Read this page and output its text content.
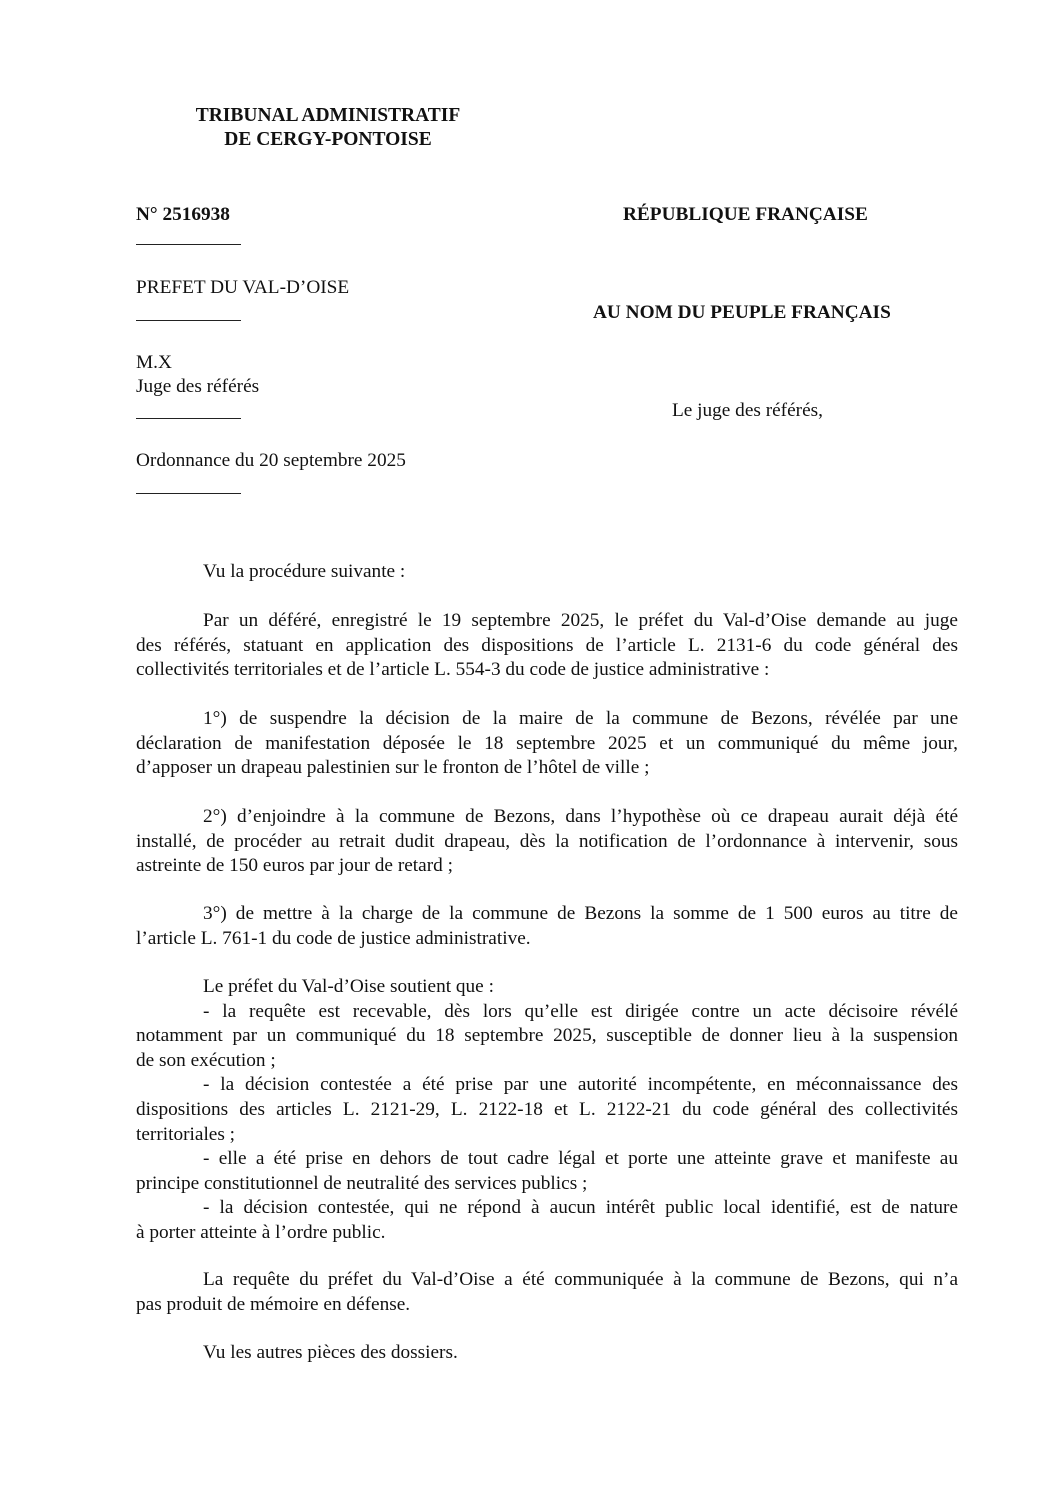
TRIBUNAL ADMINISTRATIF
DE CERGY-PONTOISE
N° 2516938	RÉPUBLIQUE FRANÇAISE
PREFET DU VAL-D’OISE
AU NOM DU PEUPLE FRANÇAIS
M.X
Juge des référés
Le juge des référés,
Ordonnance du 20 septembre 2025
Vu la procédure suivante :
Par un déféré, enregistré le 19 septembre 2025, le préfet du Val-d’Oise demande au juge
des référés, statuant en application des dispositions de l’article L. 2131-6 du code général des
collectivités territoriales et de l’article L. 554-3 du code de justice administrative :
1°) de suspendre la décision de la maire de la commune de Bezons, révélée par une
déclaration de manifestation déposée le 18 septembre 2025 et un communiqué du même jour,
d’apposer un drapeau palestinien sur le fronton de l’hôtel de ville ;
2°) d’enjoindre à la commune de Bezons, dans l’hypothèse où ce drapeau aurait déjà été
installé, de procéder au retrait dudit drapeau, dès la notification de l’ordonnance à intervenir, sous
astreinte de 150 euros par jour de retard ;
3°) de mettre à la charge de la commune de Bezons la somme de 1 500 euros au titre de
l’article L. 761-1 du code de justice administrative.
Le préfet du Val-d’Oise soutient que :
- la requête est recevable, dès lors qu’elle est dirigée contre un acte décisoire révélé
notamment par un communiqué du 18 septembre 2025, susceptible de donner lieu à la suspension
de son exécution ;
- la décision contestée a été prise par une autorité incompétente, en méconnaissance des
dispositions des articles L. 2121-29, L. 2122-18 et L. 2122-21 du code général des collectivités
territoriales ;
- elle a été prise en dehors de tout cadre légal et porte une atteinte grave et manifeste au
principe constitutionnel de neutralité des services publics ;
- la décision contestée, qui ne répond à aucun intérêt public local identifié, est de nature
à porter atteinte à l’ordre public.
La requête du préfet du Val-d’Oise a été communiquée à la commune de Bezons, qui n’a
pas produit de mémoire en défense.
Vu les autres pièces des dossiers.
